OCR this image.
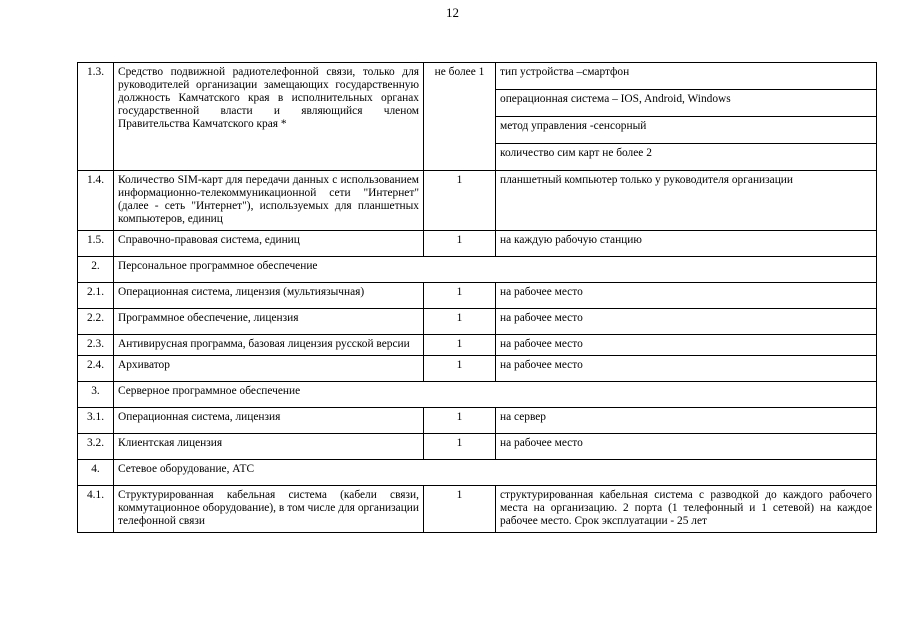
12
1.3.	Средство подвижной радиотелефонной связи, только для руководителей организации замещающих государственную должность Камчатского края в исполнительных органах государственной власти и являющийся членом Правительства Камчатского края *	не более 1	тип устройства –смартфон
			операционная система – IOS, Android, Windows
			метод управления -сенсорный
			количество сим карт не более 2
1.4.	Количество SIM-карт для передачи данных с использованием информационно-телекоммуникационной сети "Интернет" (далее - сеть "Интернет"), используемых для планшетных компьютеров, единиц	1	планшетный компьютер только у руководителя организации
1.5.	Справочно-правовая система, единиц	1	на каждую рабочую станцию
2.	Персональное программное обеспечение		
2.1.	Операционная система, лицензия (мультиязычная)	1	на рабочее место
2.2.	Программное обеспечение, лицензия	1	на рабочее место
2.3.	Антивирусная программа, базовая лицензия русской версии	1	на рабочее место
2.4.	Архиватор	1	на рабочее место
3.	Серверное программное обеспечение		
3.1.	Операционная система, лицензия	1	на сервер
3.2.	Клиентская лицензия	1	на рабочее место
4.	Сетевое оборудование, АТС		
4.1.	Структурированная кабельная система (кабели связи, коммутационное оборудование), в том числе для организации телефонной связи	1	структурированная кабельная система с разводкой до каждого рабочего места на организацию. 2 порта (1 телефонный и 1 сетевой) на каждое рабочее место. Срок эксплуатации - 25 лет
